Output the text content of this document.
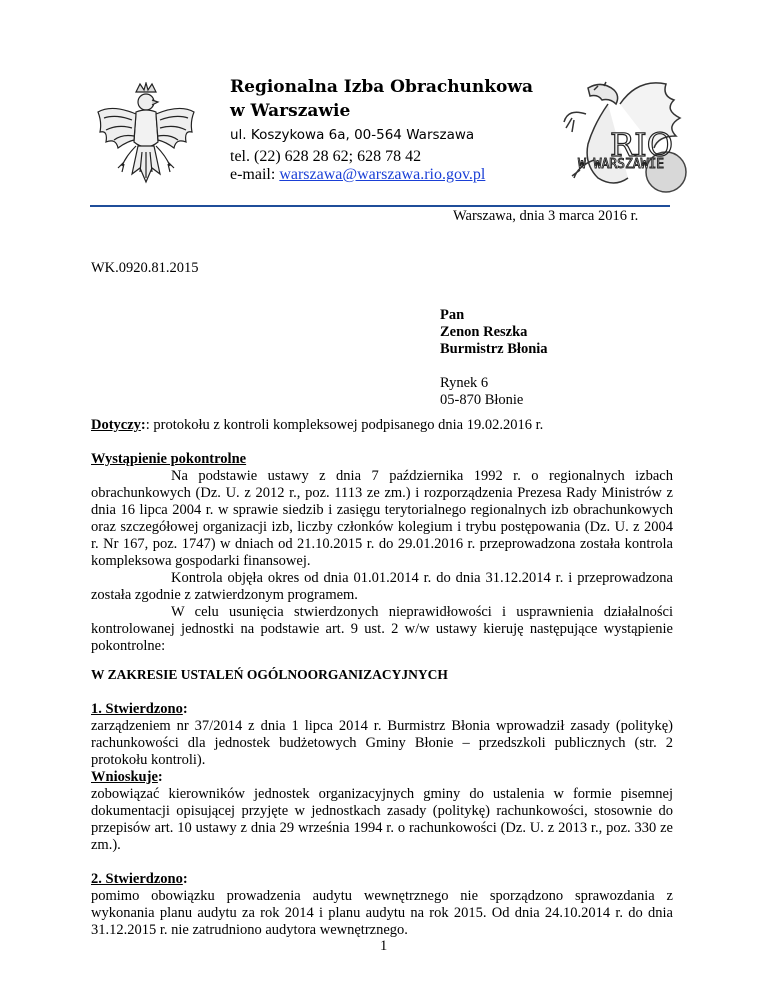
Regionalna Izba Obrachunkowa
w Warszawie
ul. Koszykowa 6a, 00-564 Warszawa
tel. (22) 628 28 62; 628 78 42
e-mail: warszawa@warszawa.rio.gov.pl
RIO
W WARSZAWIE
Warszawa, dnia 3 marca 2016 r.
WK.0920.81.2015
Pan
Zenon Reszka
Burmistrz Błonia
Rynek 6
05-870 Błonie
Dotyczy:: protokołu z kontroli kompleksowej podpisanego dnia 19.02.2016 r.
Wystąpienie pokontrolne

Na podstawie ustawy z dnia 7 października 1992 r. o regionalnych izbach obrachunkowych (Dz. U. z 2012 r., poz. 1113 ze zm.) i rozporządzenia Prezesa Rady Ministrów z dnia 16 lipca 2004 r. w sprawie siedzib i zasięgu terytorialnego regionalnych izb obrachunkowych oraz szczegółowej organizacji izb, liczby członków kolegium i trybu postępowania (Dz. U. z 2004 r. Nr 167, poz. 1747) w dniach od 21.10.2015 r. do 29.01.2016 r. przeprowadzona została kontrola kompleksowa gospodarki finansowej.

Kontrola objęła okres od dnia 01.01.2014 r. do dnia 31.12.2014 r. i przeprowadzona została zgodnie z zatwierdzonym programem.

W celu usunięcia stwierdzonych nieprawidłowości i usprawnienia działalności kontrolowanej jednostki na podstawie art. 9 ust. 2 w/w ustawy kieruję następujące wystąpienie pokontrolne:

W ZAKRESIE USTALEŃ OGÓLNOORGANIZACYJNYCH

1. Stwierdzono:

zarządzeniem nr 37/2014 z dnia 1 lipca 2014 r. Burmistrz Błonia wprowadził zasady (politykę) rachunkowości dla jednostek budżetowych Gminy Błonie – przedszkoli publicznych (str. 2 protokołu kontroli).

Wnioskuje:

zobowiązać kierowników jednostek organizacyjnych gminy do ustalenia w formie pisemnej dokumentacji opisującej przyjęte w jednostkach zasady (politykę) rachunkowości, stosownie do przepisów art. 10 ustawy z dnia 29 września 1994 r. o rachunkowości (Dz. U. z 2013 r., poz. 330 ze zm.).

2. Stwierdzono:

pomimo obowiązku prowadzenia audytu wewnętrznego nie sporządzono sprawozdania z wykonania planu audytu za rok 2014 i planu audytu na rok 2015. Od dnia 24.10.2014 r. do dnia 31.12.2015 r. nie zatrudniono audytora wewnętrznego.

1
